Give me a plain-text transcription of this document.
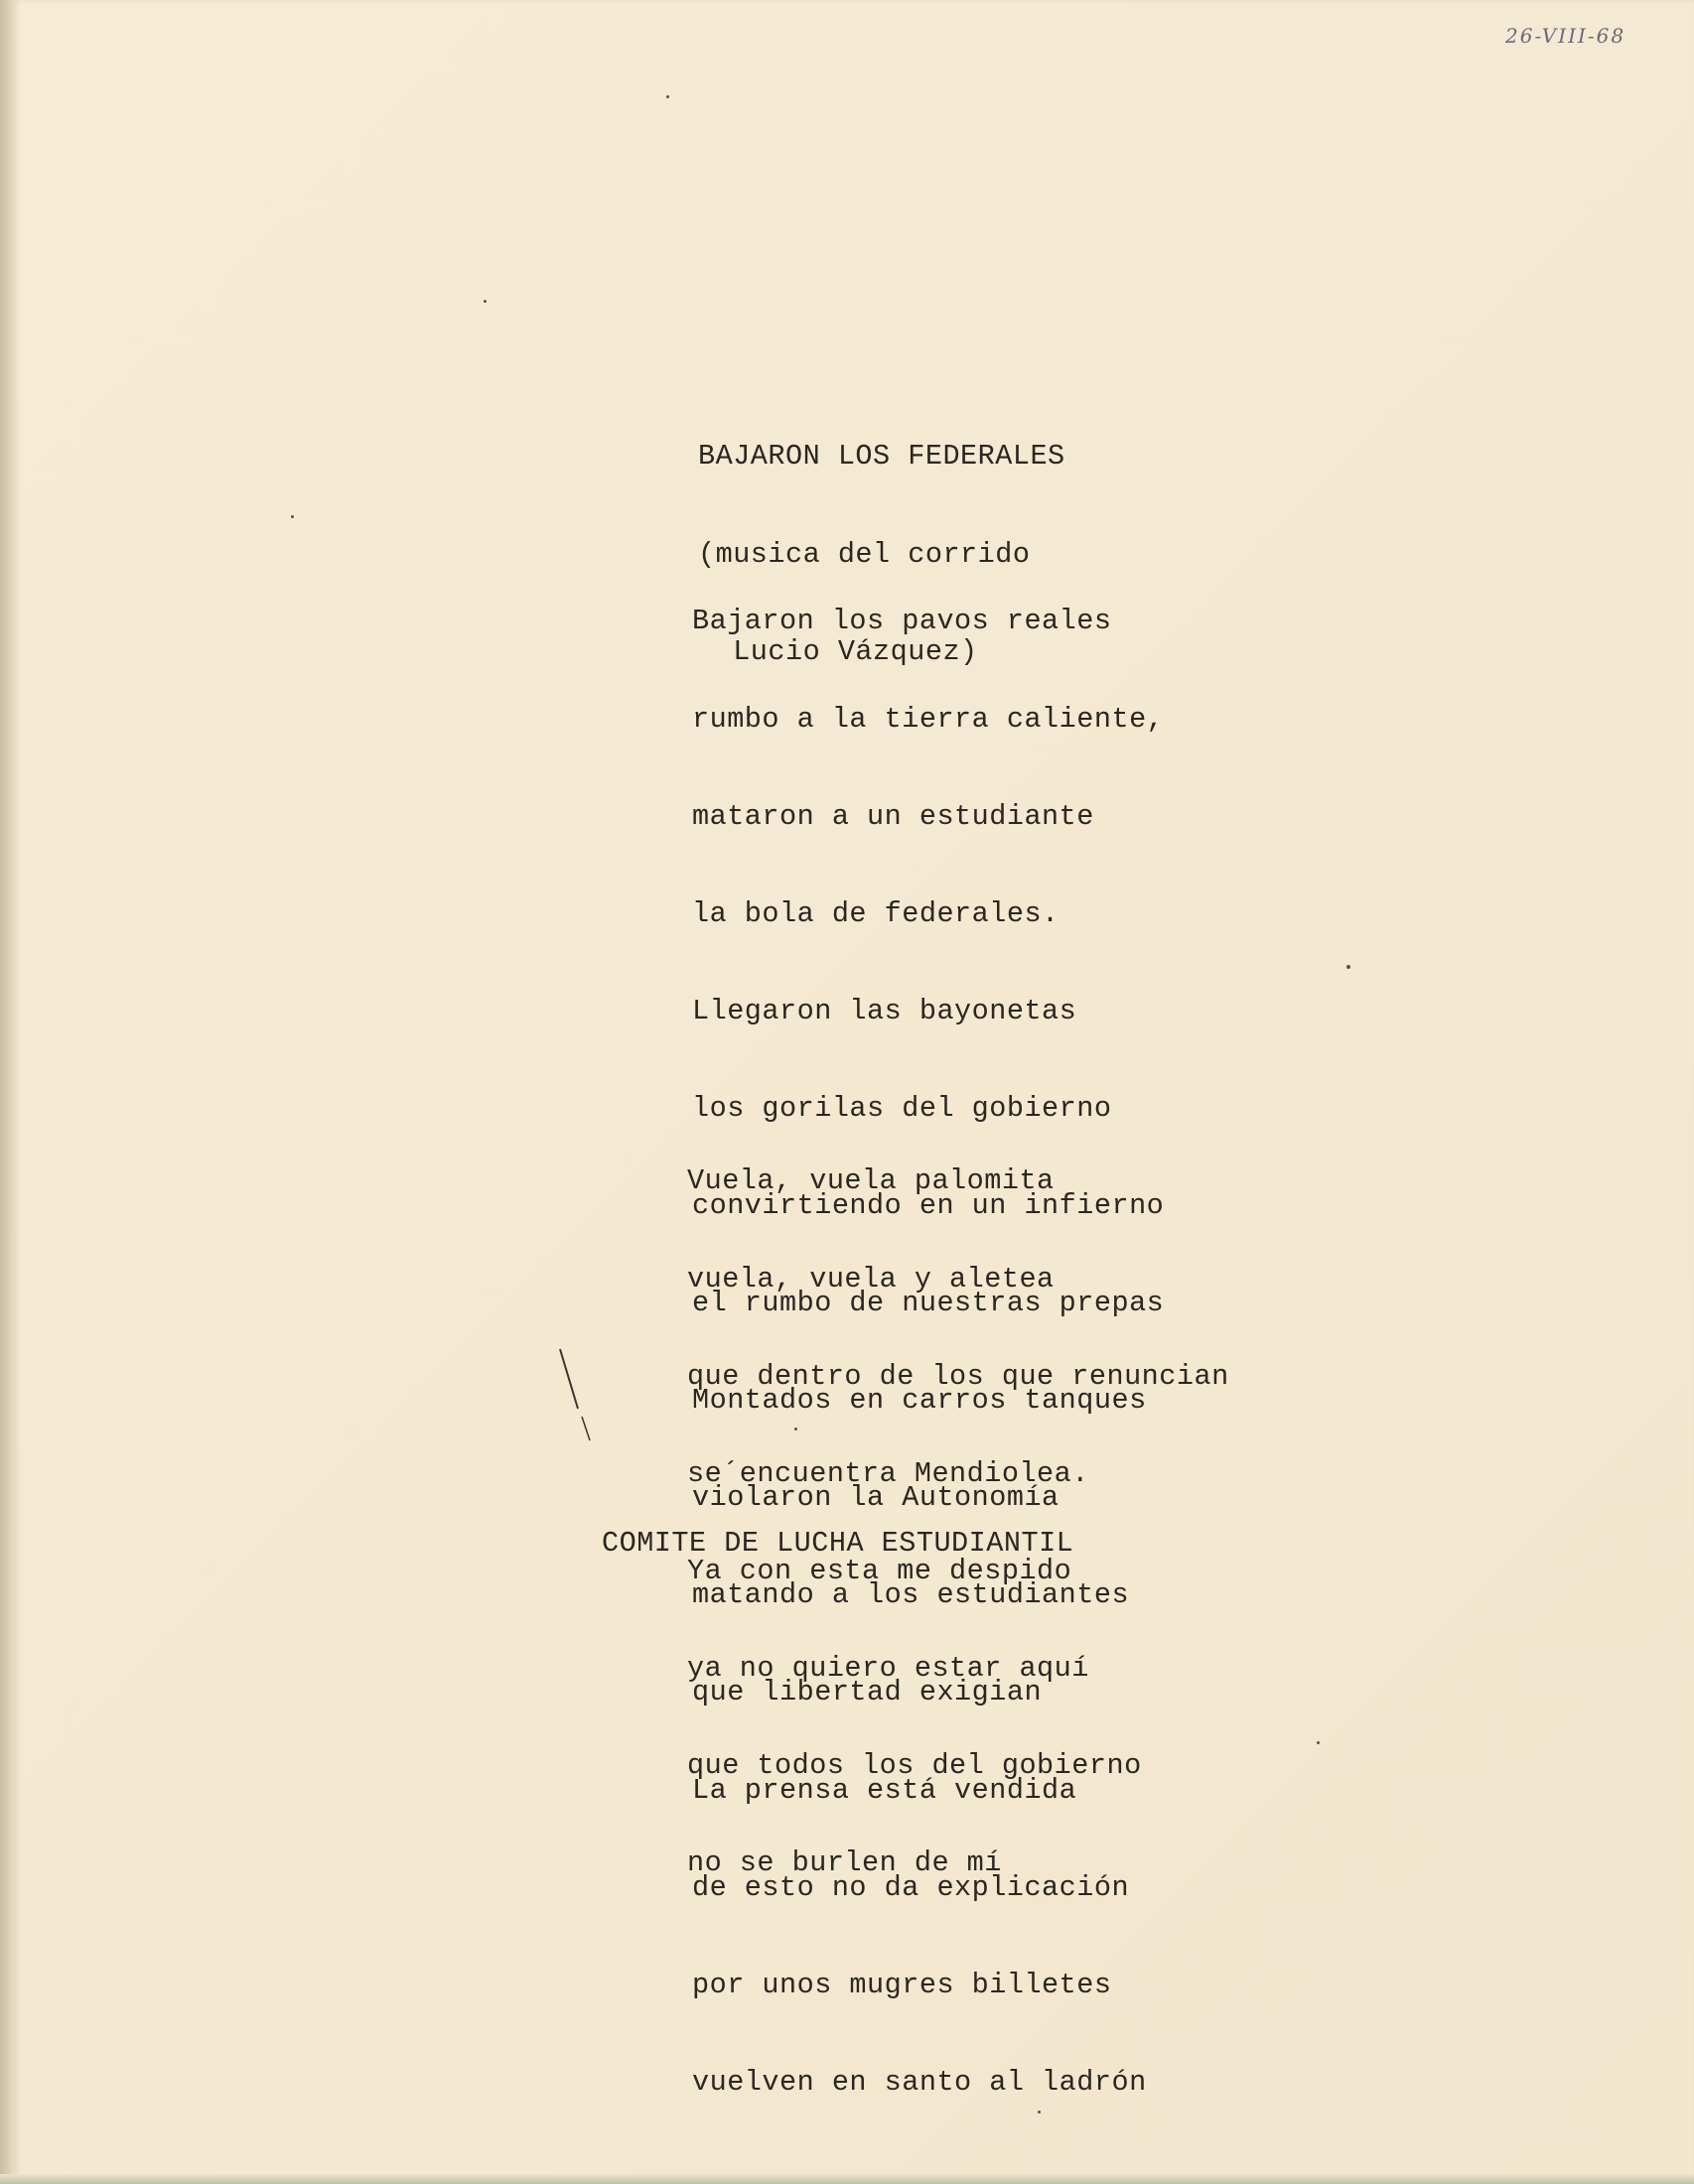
26-VIII-68

BAJARON LOS FEDERALES

(musica del corrido

Lucio Vázquez)

Bajaron los pavos reales

rumbo a la tierra caliente,

mataron a un estudiante

la bola de federales.

Llegaron las bayonetas

los gorilas del gobierno

convirtiendo en un infierno

el rumbo de nuestras prepas

Montados en carros tanques

violaron la Autonomía

matando a los estudiantes

que libertad exigian

La prensa está vendida

de esto no da explicación

por unos mugres billetes

vuelven en santo al ladrón

Vuela, vuela palomita

vuela, vuela y aletea

que dentro de los que renuncian

se´encuentra Mendiolea.

Ya con esta me despido

ya no quiero estar aquí

que todos los del gobierno

no se burlen de mí

COMITE DE LUCHA ESTUDIANTIL
